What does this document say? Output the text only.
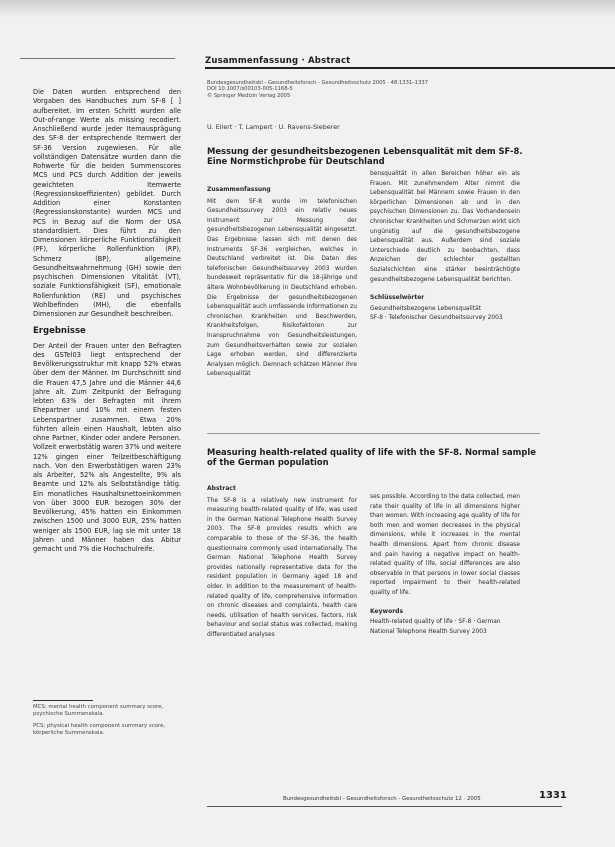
Zusammenfassung · Abstract

Die Daten wurden entsprechend den Vorgaben des Handbuches zum SF-8 [ ] aufbereitet. Im ersten Schritt wurden alle Out-of-range Werte als missing recodiert. Anschließend wurde jeder Itemausprägung des SF-8 der entsprechende Itemwert der SF-36 Version zugewiesen. Für alle vollständigen Datensätze wurden dann die Rohwerte für die beiden Summenscores MCS und PCS durch Addition der jeweils gewichteten Itemwerte (Regressionskoeffizienten) gebildet. Durch Addition einer Konstanten (Regressionskonstante) wurden MCS und PCS in Bezug auf die Norm der USA standardisiert. Dies führt zu den Dimensionen körperliche Funktionsfähigkeit (PF), körperliche Rollenfunktion (RP), Schmerz (BP), allgemeine Gesundheitswahrnehmung (GH) sowie den psychischen Dimensionen Vitalität (VT), soziale Funktionsfähigkeit (SF), emotionale Rollenfunktion (RE) und psychisches Wohlbefinden (MH), die ebenfalls Dimensionen zur Gesundheit beschreiben.

Ergebnisse

Der Anteil der Frauen unter den Befragten des GSTel03 liegt entsprechend der Bevölkerungsstruktur mit knapp 52% etwas über dem der Männer. Im Durchschnitt sind die Frauen 47,5 Jahre und die Männer 44,6 Jahre alt. Zum Zeitpunkt der Befragung lebten 63% der Befragten mit ihrem Ehepartner und 10% mit einem festen Lebenspartner zusammen. Etwa 20% führten allein einen Haushalt, lebten also ohne Partner, Kinder oder andere Personen. Vollzeit erwerbstätig waren 37% und weitere 12% gingen einer Teilzeitbeschäftigung nach. Von den Erwerbstätigen waren 23% als Arbeiter, 52% als Angestellte, 9% als Beamte und 12% als Selbstständige tätig. Ein monatliches Haushaltsnettoeinkommen von über 3000 EUR bezogen 30% der Bevölkerung, 45% hatten ein Einkommen zwischen 1500 und 3000 EUR, 25% hatten weniger als 1500 EUR, lag sie mit unter 18 Jahren und Männer haben das Abitur gemacht und 7% die Hochschulreife.

MCS: mental health component summary score, psychische Summenskala.

PCS: physical health component summary score, körperliche Summenskala.

Bundesgesundheitsbl - Gesundheitsforsch - Gesundheitsschutz 2005 · 48:1331–1337
DOI 10.1007/s00103-005-1168-5
© Springer Medizin Verlag 2005
U. Ellert · T. Lampert · U. Ravens-Sieberer
Messung der gesundheitsbezogenen Lebensqualität mit dem SF-8. Eine Normstichprobe für Deutschland
Zusammenfassung

Mit dem SF-8 wurde im telefonischen Gesundheitssurvey 2003 ein relativ neues Instrument zur Messung der gesundheitsbezogenen Lebensqualität eingesetzt. Das Ergebnisse lassen sich mit denen des Instruments SF-36 vergleichen, welches in Deutschland verbreitet ist. Die Daten des telefonischen Gesundheitssurvey 2003 wurden bundesweit repräsentativ für die 18-jährige und ältere Wohnbevölkerung in Deutschland erhoben. Die Ergebnisse der gesundheitsbezogenen Lebensqualität auch umfassende Informationen zu chronischen Krankheiten und Beschwerden, Krankheitsfolgen, Risikofaktoren zur Inanspruchnahme von Gesundheitsleistungen, zum Gesundheitsverhalten sowie zur sozialen Lage erhoben werden, sind differenzierte Analysen möglich. Demnach schätzen Männer ihre Lebensqualität

bensqualität in allen Bereichen höher ein als Frauen. Mit zunehmendem Alter nimmt die Lebensqualität bei Männern sowie Frauen in den körperlichen Dimensionen ab und in den psychischen Dimensionen zu. Das Vorhandensein chronischer Krankheiten und Schmerzen wirkt sich ungünstig auf die gesundheitsbezogene Lebensqualität aus. Außerdem sind soziale Unterschiede deutlich zu beobachten, dass Anzeichen der schlechter gestellten Sozialschichten eine stärker beeinträchtigte gesundheitsbezogene Lebensqualität berichten.

Schlüsselwörter
Gesundheitsbezogene Lebensqualität
SF-8 · Telefonischer Gesundheitssurvey 2003
Measuring health-related quality of life with the SF-8. Normal sample of the German population
Abstract

The SF-8 is a relatively new instrument for measuring health-related quality of life, was used in the German National Telephone Health Survey 2003. The SF-8 provides results which are comparable to those of the SF-36, the health questionnaire commonly used internationally. The German National Telephone Health Survey provides nationally representative data for the resident population in Germany aged 18 and older. In addition to the measurement of health-related quality of life, comprehensive information on chronic diseases and complaints, health care needs, utilisation of health services, factors, risk behaviour and social status was collected, making differentiated analyses

ses possible. According to the data collected, men rate their quality of life in all dimensions higher than women. With increasing age quality of life for both men and women decreases in the physical dimensions, while it increases in the mental health dimensions. Apart from chronic disease and pain having a negative impact on health-related quality of life, social differences are also observable in that persons in lower social classes reported impairment to their health-related quality of life.

Keywords
Health-related quality of life · SF-8 · German
National Telephone Health Survey 2003
Bundesgesundheitsbl - Gesundheitsforsch - Gesundheitsschutz 12 · 2005	1331
